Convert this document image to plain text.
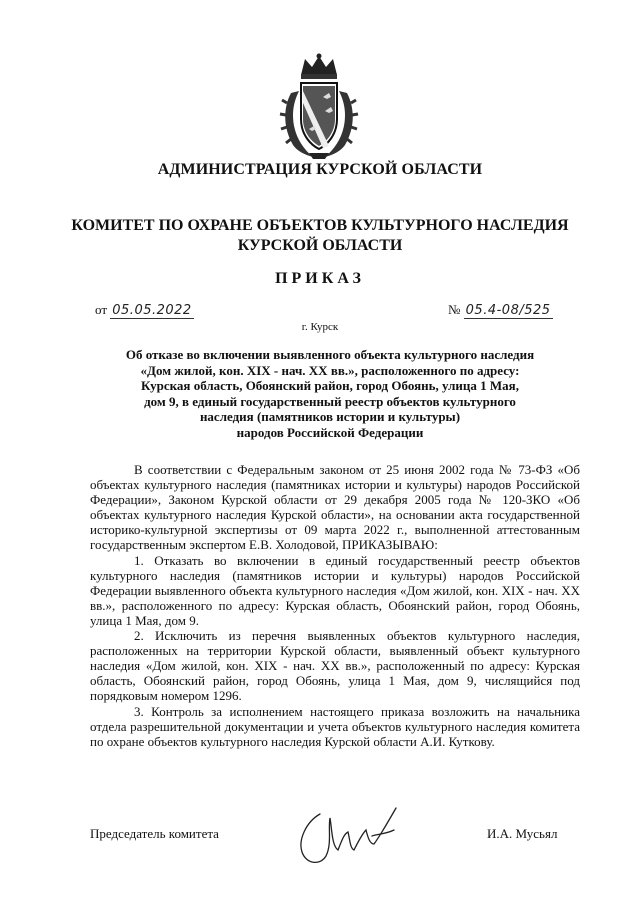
АДМИНИСТРАЦИЯ КУРСКОЙ ОБЛАСТИ
КОМИТЕТ ПО ОХРАНЕ ОБЪЕКТОВ КУЛЬТУРНОГО НАСЛЕДИЯ
КУРСКОЙ ОБЛАСТИ
ПРИКАЗ
от 05.05.2022	№ 05.4-08/525
г. Курск
Об отказе во включении выявленного объекта культурного наследия
«Дом жилой, кон. XIX - нач. XX вв.», расположенного по адресу:
Курская область, Обоянский район, город Обоянь, улица 1 Мая,
дом 9, в единый государственный реестр объектов культурного
наследия (памятников истории и культуры)
народов Российской Федерации

В соответствии с Федеральным законом от 25 июня 2002 года № 73-ФЗ «Об объектах культурного наследия (памятниках истории и культуры) народов Российской Федерации», Законом Курской области от 29 декабря 2005 года № 120-ЗКО «Об объектах культурного наследия Курской области», на основании акта государственной историко-культурной экспертизы от 09 марта 2022 г., выполненной аттестованным государственным экспертом Е.В. Холодовой, ПРИКАЗЫВАЮ:

1. Отказать во включении в единый государственный реестр объектов культурного наследия (памятников истории и культуры) народов Российской Федерации выявленного объекта культурного наследия «Дом жилой, кон. XIX - нач. XX вв.», расположенного по адресу: Курская область, Обоянский район, город Обоянь, улица 1 Мая, дом 9.

2. Исключить из перечня выявленных объектов культурного наследия, расположенных на территории Курской области, выявленный объект культурного наследия «Дом жилой, кон. XIX - нач. XX вв.», расположенный по адресу: Курская область, Обоянский район, город Обоянь, улица 1 Мая, дом 9, числящийся под порядковым номером 1296.

3. Контроль за исполнением настоящего приказа возложить на начальника отдела разрешительной документации и учета объектов культурного наследия комитета по охране объектов культурного наследия Курской области А.И. Куткову.

Председатель комитета	И.А. Мусьял
